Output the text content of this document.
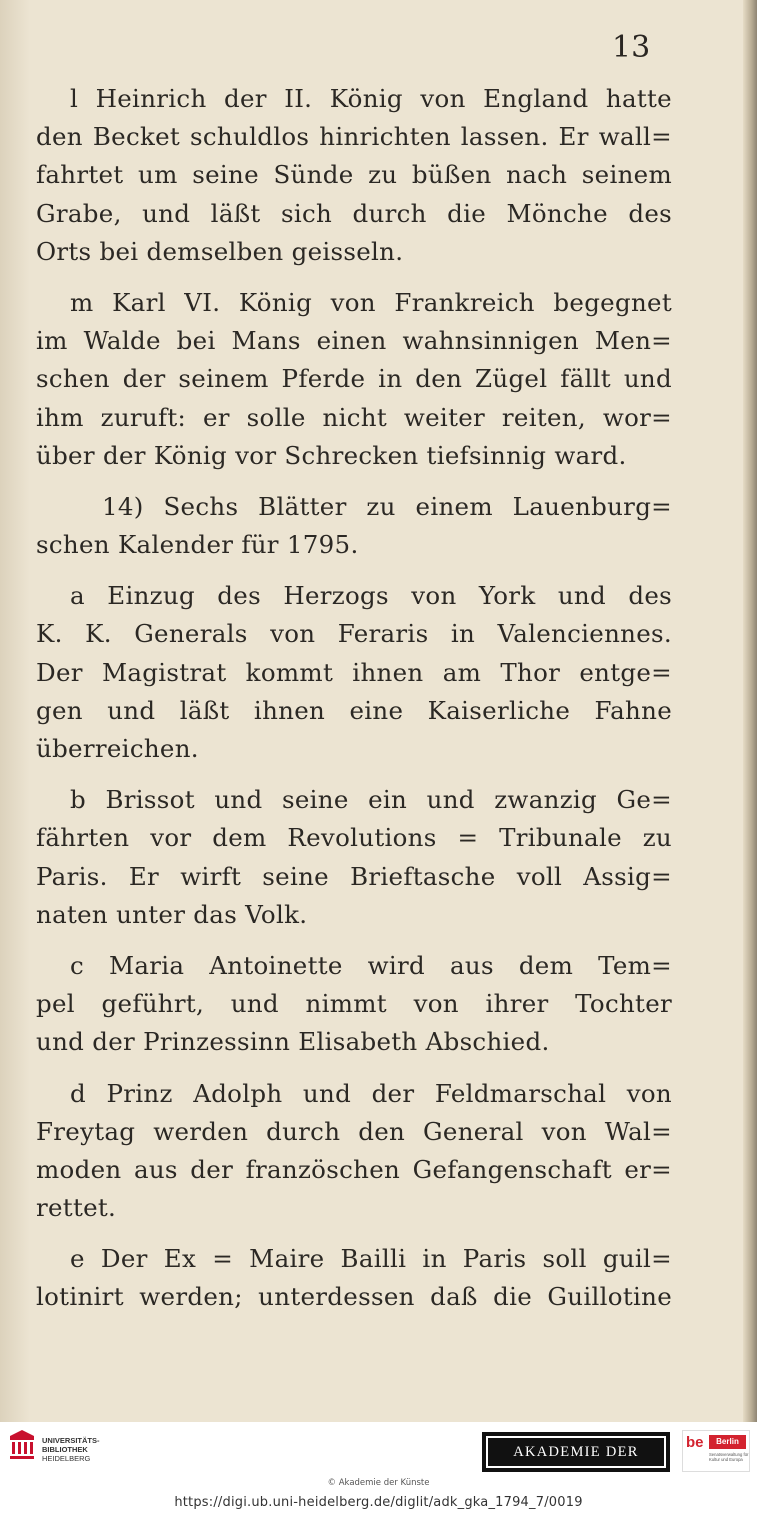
13
l Heinrich der II. König von England hatte
den Becket schuldlos hinrichten lassen. Er wall=
fahrtet um seine Sünde zu büßen nach seinem
Grabe, und läßt sich durch die Mönche des
Orts bei demselben geisseln.
m Karl VI. König von Frankreich begegnet
im Walde bei Mans einen wahnsinnigen Men=
schen der seinem Pferde in den Zügel fällt und
ihm zuruft: er solle nicht weiter reiten, wor=
über der König vor Schrecken tiefsinnig ward.
14) Sechs Blätter zu einem Lauenburg=
schen Kalender für 1795.
a Einzug des Herzogs von York und des
K. K. Generals von Feraris in Valenciennes.
Der Magistrat kommt ihnen am Thor entge=
gen und läßt ihnen eine Kaiserliche Fahne
überreichen.
b Brissot und seine ein und zwanzig Ge=
fährten vor dem Revolutions = Tribunale zu
Paris. Er wirft seine Brieftasche voll Assig=
naten unter das Volk.
c Maria Antoinette wird aus dem Tem=
pel geführt, und nimmt von ihrer Tochter
und der Prinzessinn Elisabeth Abschied.
d Prinz Adolph und der Feldmarschal von
Freytag werden durch den General von Wal=
moden aus der französchen Gefangenschaft er=
rettet.
e Der Ex = Maire Bailli in Paris soll guil=
lotinirt werden; unterdessen daß die Guillotine
UNIVERSITÄTS-
BIBLIOTHEK
HEIDELBERG	AKADEMIE DER KÜNSTE
be	Berlin
Senatsverwaltung für Kultur und Europa
© Akademie der Künste
https://digi.ub.uni-heidelberg.de/diglit/adk_gka_1794_7/0019
